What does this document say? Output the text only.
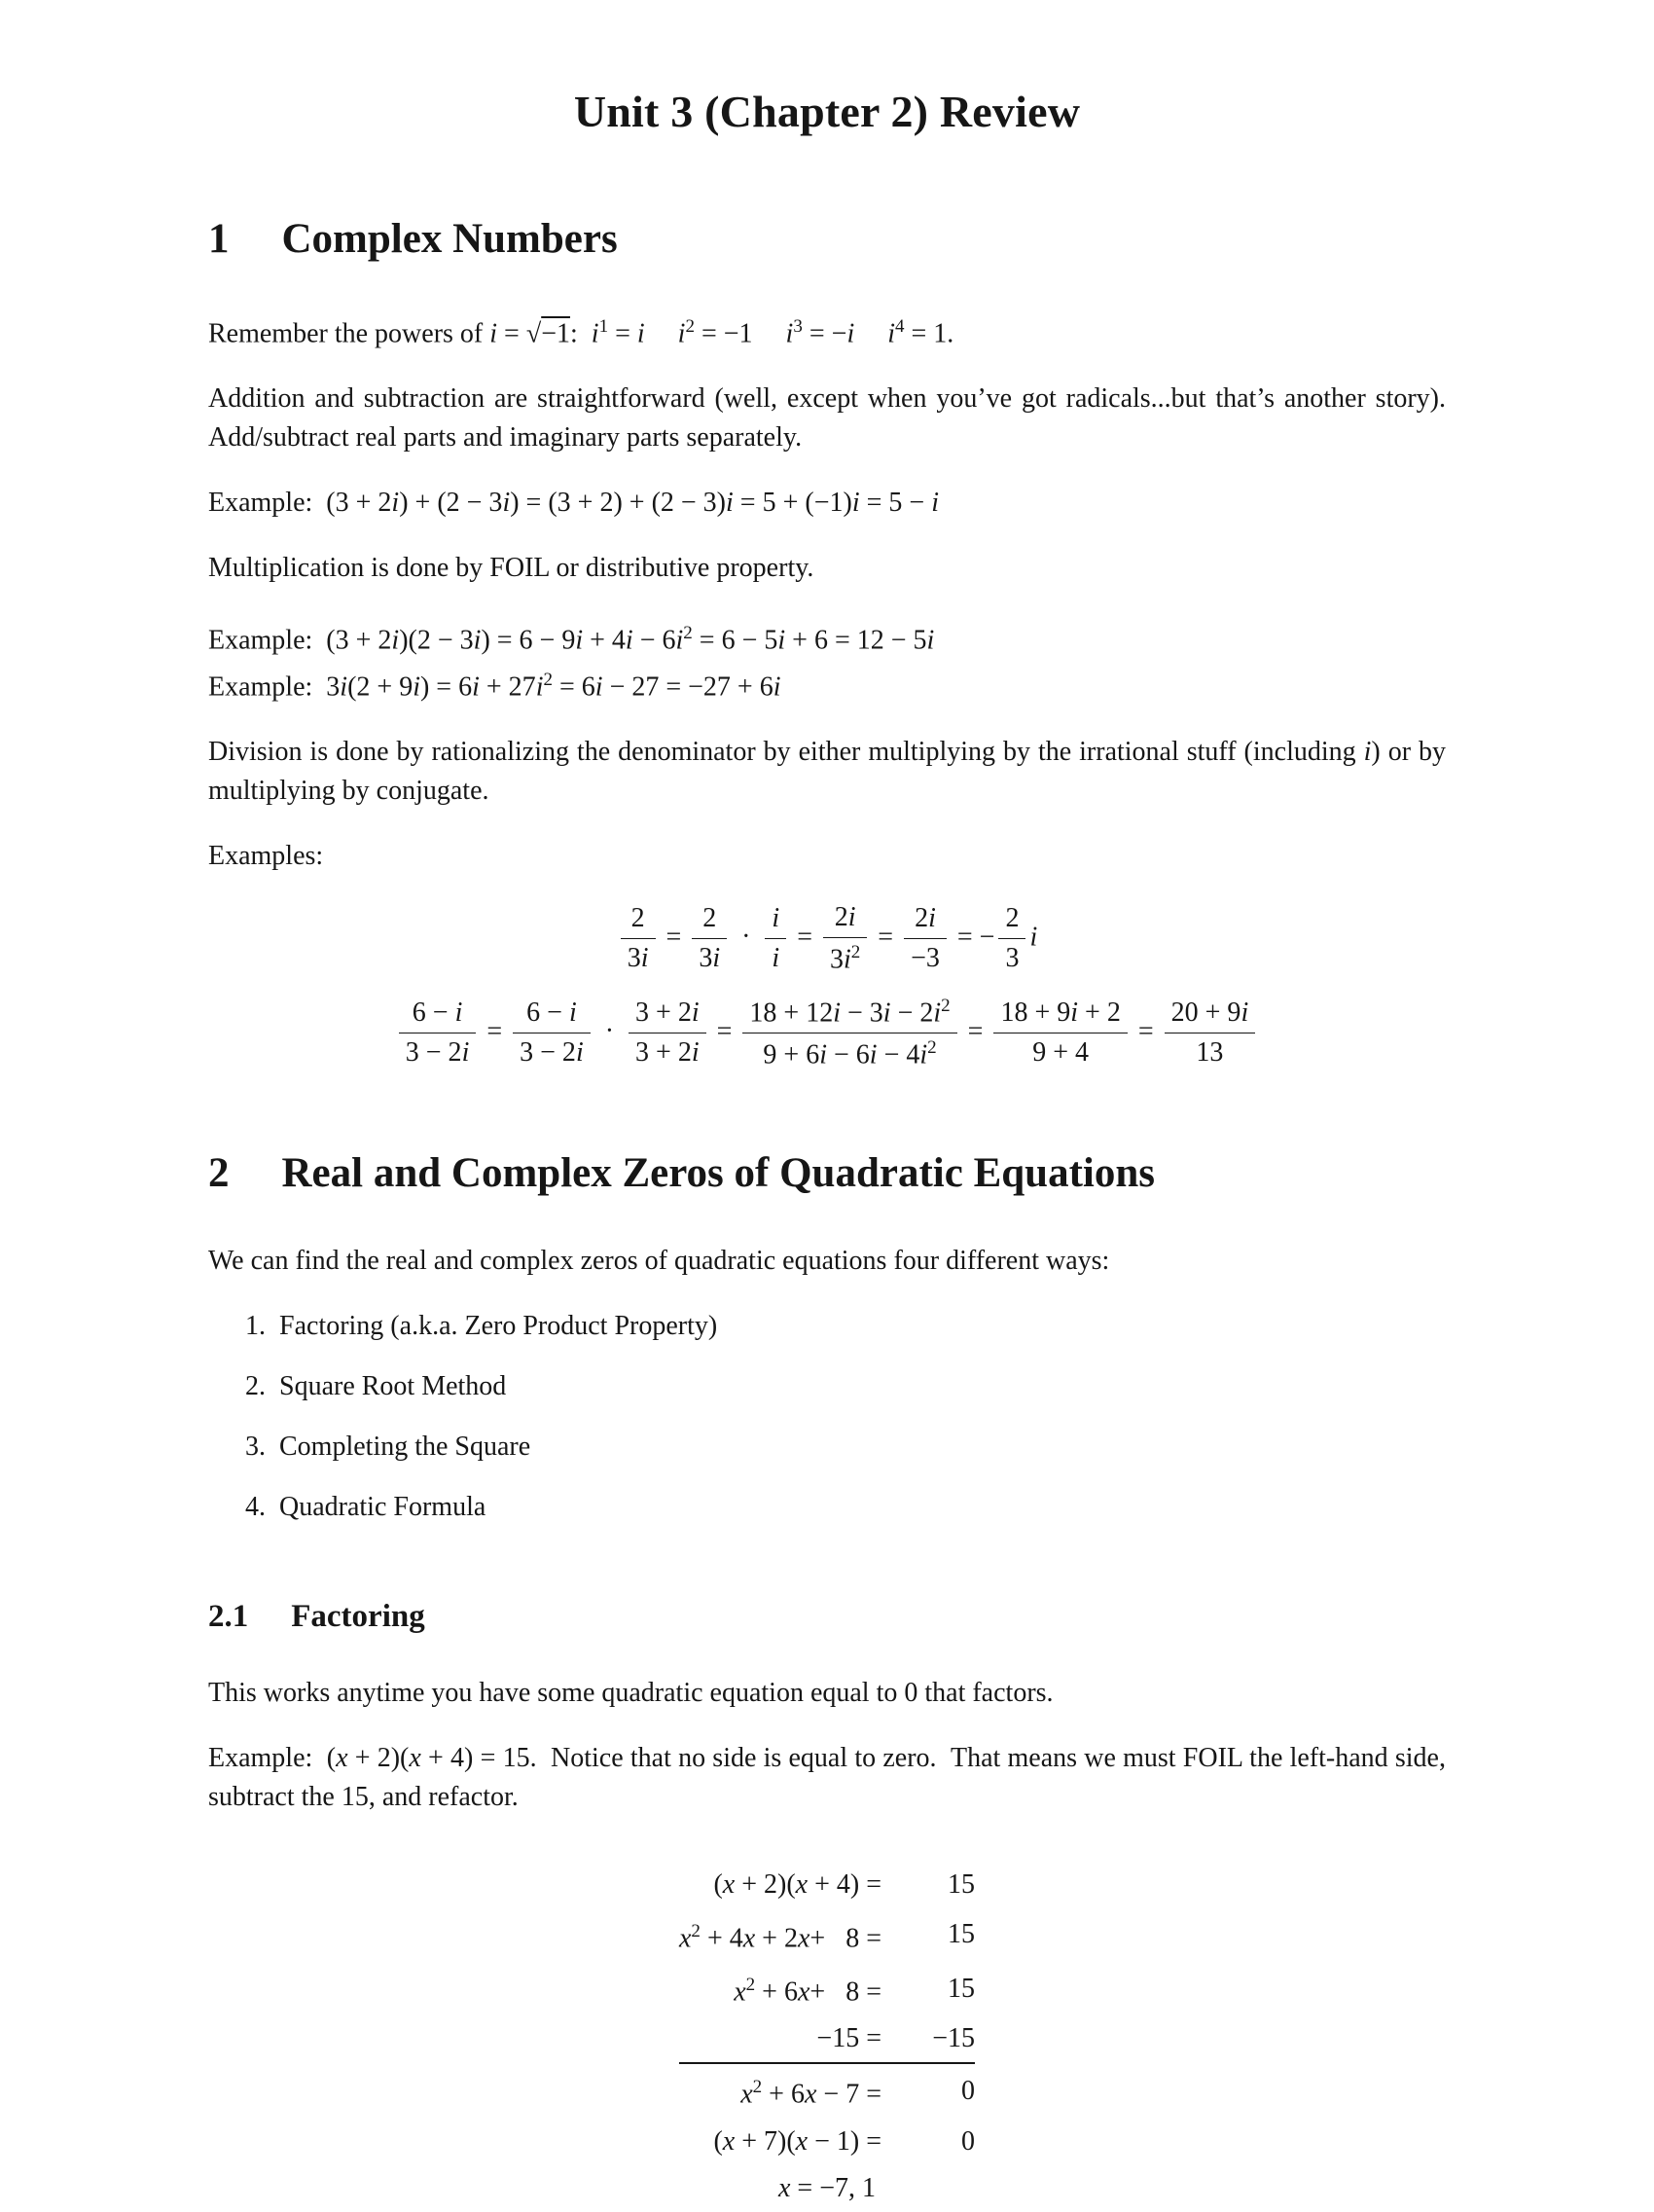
Unit 3 (Chapter 2) Review
1 Complex Numbers

Remember the powers of i = √−1:  $i^1 = i$ $i^2 = -1$ $i^3 = -i$ $i^4 = 1$.

Addition and subtraction are straightforward (well, except when you’ve got radicals...but that’s another story). Add/subtract real parts and imaginary parts separately.

Example:  (3 + 2i) + (2 − 3i) = (3 + 2) + (2 − 3)i = 5 + (−1)i = 5 − i

Multiplication is done by FOIL or distributive property.

Example:  $(3 + 2i)(2 - 3i) = 6 - 9i + 4i - 6i^2 = 6 - 5i + 6 = 12 - 5i$

Example:  $3i(2 + 9i) = 6i + 27i^2 = 6i - 27 = -27 + 6i$

Division is done by rationalizing the denominator by either multiplying by the irrational stuff (including i) or by multiplying by conjugate.

Examples:

$\frac{2}{3i} = \frac{2}{3i} \cdot \frac{i}{i} = \frac{2i}{3i^2} = \frac{2i}{-3}$ = − $\frac{2}{3}$ i
$\frac{6 - i}{3 - 2i} = \frac{6 - i}{3 - 2i} \cdot \frac{3 + 2i}{3 + 2i} = \frac{18 + 12i - 3i - 2i^2}{9 + 6i - 6i - 4i^2} = \frac{18 + 9i + 2}{9 + 4} = \frac{20 + 9i}{13}$
2 Real and Complex Zeros of Quadratic Equations

We can find the real and complex zeros of quadratic equations four different ways:

1. Factoring (a.k.a. Zero Product Property)
2. Square Root Method
3. Completing the Square
4. Quadratic Formula
2.1 Factoring

This works anytime you have some quadratic equation equal to 0 that factors.

Example:  (x + 2)(x + 4) = 15.  Notice that no side is equal to zero.  That means we must FOIL the left-hand side, subtract the 15, and refactor.

(x + 2)(x + 4) =	15
$x^2 + 4x + 2x+ 8$ =	15
$x^2 + 6x+ 8$ =	15
−15 =	−15
$x^2 + 6x - 7$ =	0
(x + 7)(x − 1) =	0
x = −7, 1	
